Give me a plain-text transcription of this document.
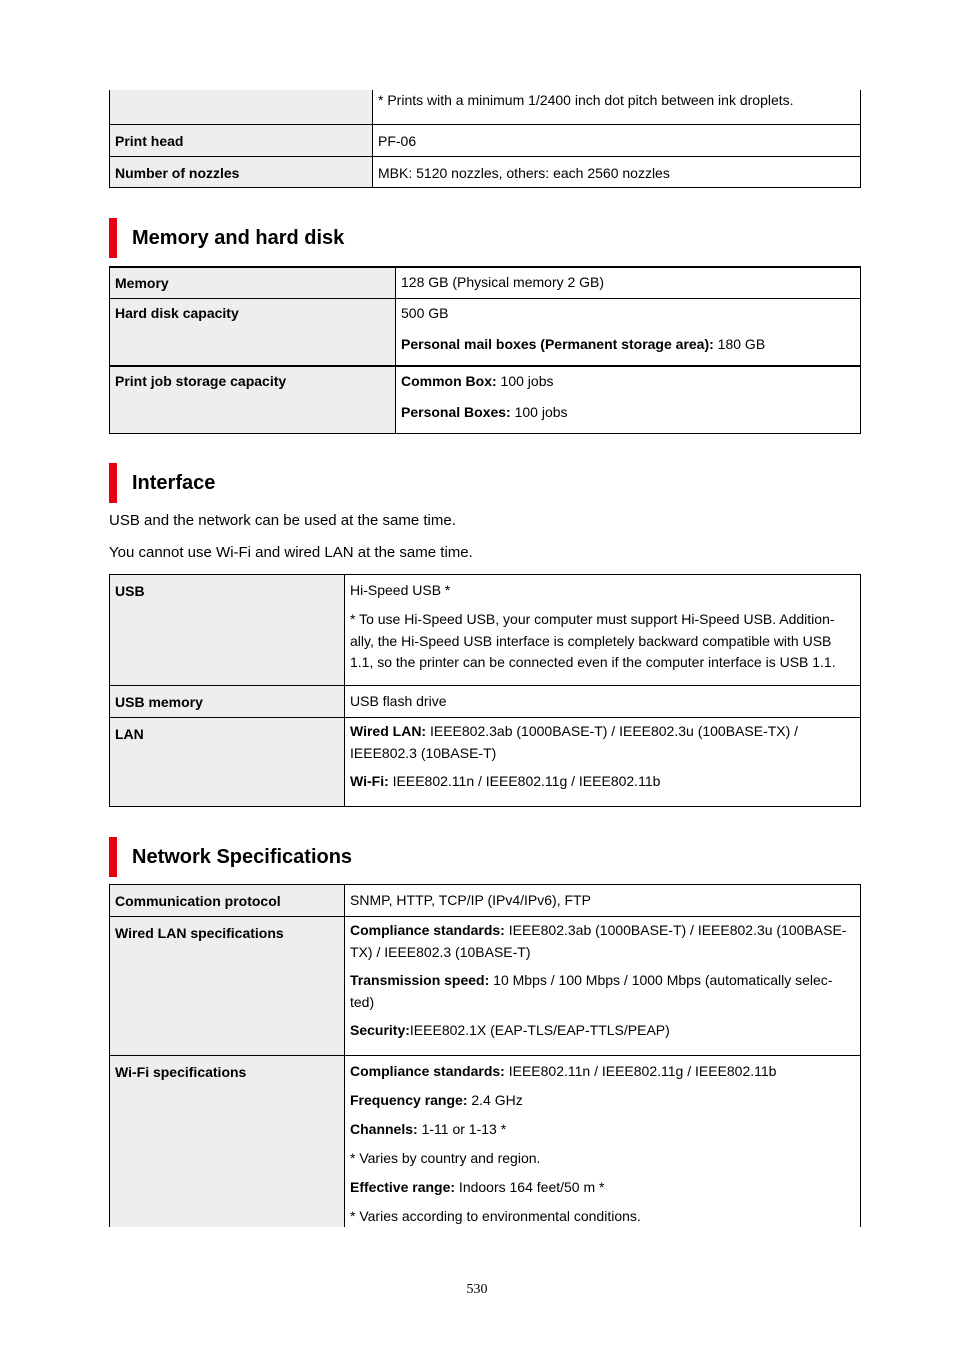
* Prints with a minimum 1/2400 inch dot pitch between ink droplets.

Print head	PF-06

Number of nozzles	MBK: 5120 nozzles, others: each 2560 nozzles

Memory and hard disk
Memory	128 GB (Physical memory 2 GB)

Hard disk capacity	500 GB

Personal mail boxes (Permanent storage area): 180 GB

Print job storage capacity	Common Box: 100 jobs

Personal Boxes: 100 jobs

Interface

USB and the network can be used at the same time.

You cannot use Wi-Fi and wired LAN at the same time.

USB	Hi-Speed USB *

* To use Hi-Speed USB, your computer must support Hi-Speed USB. Addition- ally, the Hi-Speed USB interface is completely backward compatible with USB 1.1, so the printer can be connected even if the computer interface is USB 1.1.

USB memory	USB flash drive

LAN	Wired LAN: IEEE802.3ab (1000BASE-T) / IEEE802.3u (100BASE-TX) / IEEE802.3 (10BASE-T)

Wi-Fi: IEEE802.11n / IEEE802.11g / IEEE802.11b

Network Specifications
Communication protocol	SNMP, HTTP, TCP/IP (IPv4/IPv6), FTP

Wired LAN specifications	Compliance standards: IEEE802.3ab (1000BASE-T) / IEEE802.3u (100BASE-TX) / IEEE802.3 (10BASE-T)

Transmission speed: 10 Mbps / 100 Mbps / 1000 Mbps (automatically selec- ted)

Security:IEEE802.1X (EAP-TLS/EAP-TTLS/PEAP)

Wi-Fi specifications	Compliance standards: IEEE802.11n / IEEE802.11g / IEEE802.11b

Frequency range: 2.4 GHz

Channels: 1-11 or 1-13 *

* Varies by country and region.

Effective range: Indoors 164 feet/50 m *

* Varies according to environmental conditions.

530
